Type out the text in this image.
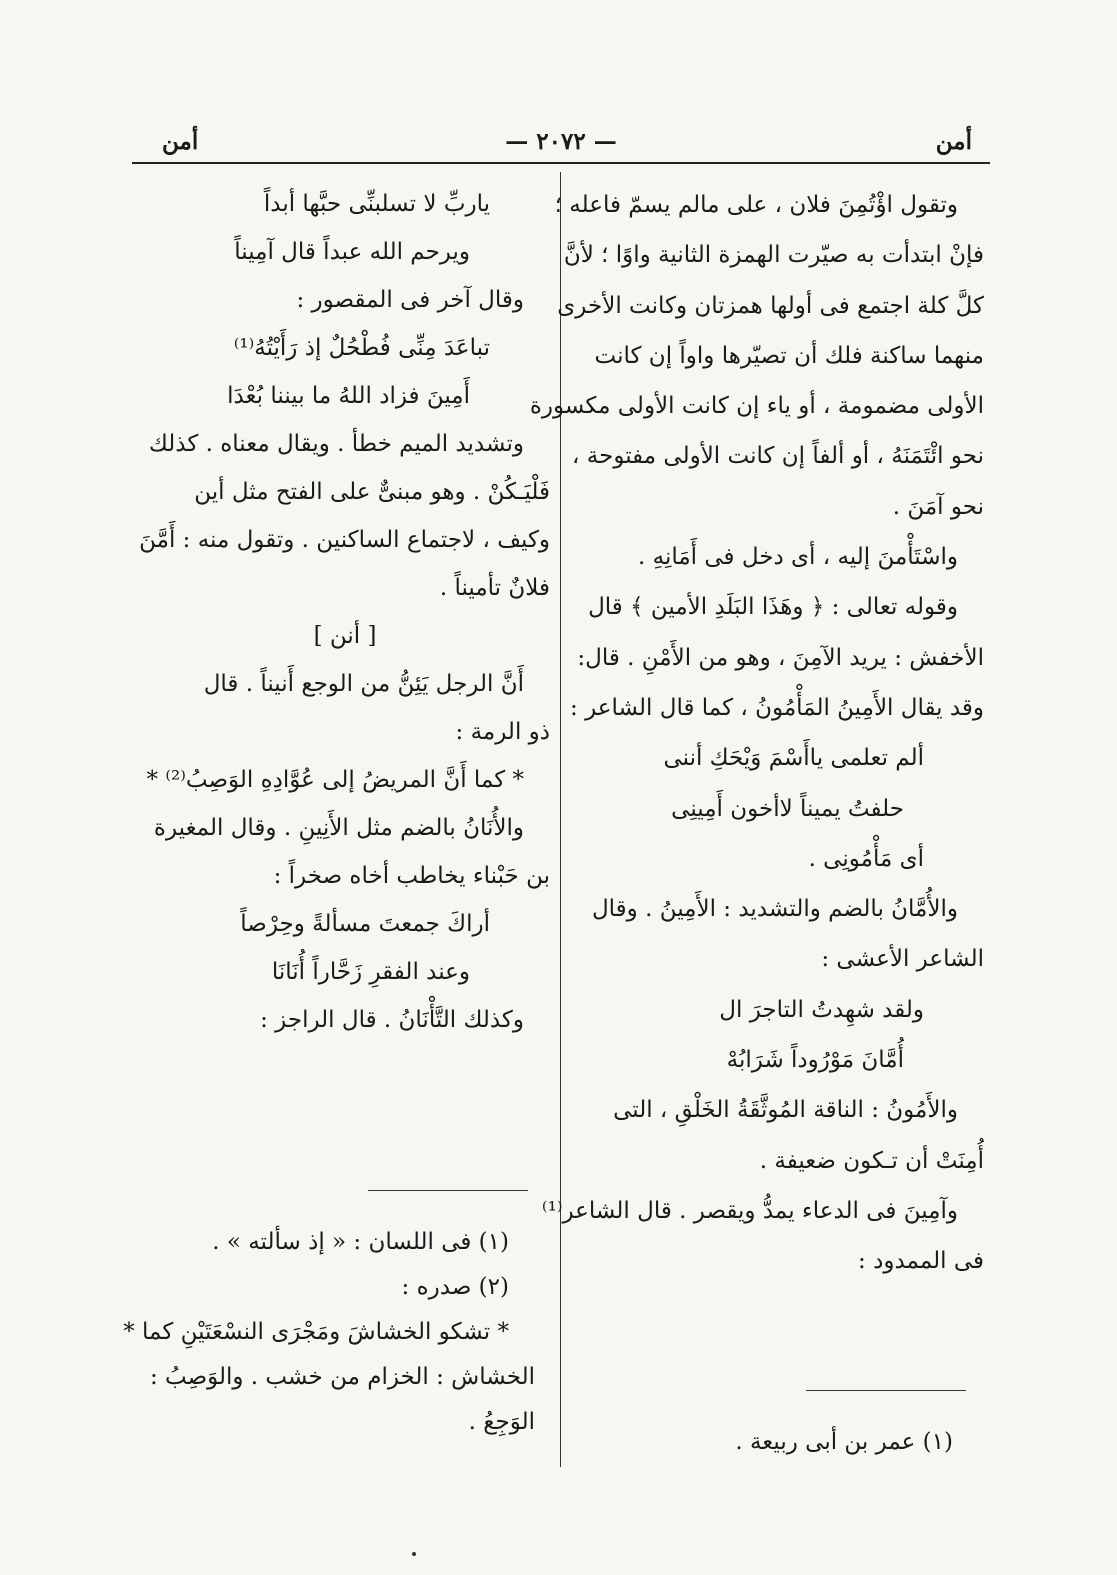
أمن
— ٢٠٧٢ —
أمن
وتقول اؤْتُمِنَ فلان ، على مالم يسمّ فاعله ؛
فإنْ ابتدأت به صيّرت الهمزة الثانية واوًا ؛ لأنَّ
كلَّ كلة اجتمع فى أولها همزتان وكانت الأخرى
منهما ساكنة فلك أن تصيّرها واواً إن كانت
الأولى مضمومة ، أو ياء إن كانت الأولى مكسورة
نحو ائْتَمَنَهُ ، أو ألفاً إن كانت الأولى مفتوحة ،
نحو آمَنَ .
واسْتَأْمنَ إليه ، أى دخل فى أَمَانِهِ .
وقوله تعالى : ﴿ وهَذَا البَلَدِ الأمين ﴾ قال
الأخفش : يريد الآمِنَ ، وهو من الأَمْنِ . قال:
وقد يقال الأَمِينُ المَأْمُونُ ، كما قال الشاعر :
ألم تعلمى ياأَسْمَ وَيْحَكِ أننى
حلفتُ يميناً لاأخون أَمِينِى
أى مَأْمُونِى .
والأُمَّانُ بالضم والتشديد : الأَمِينُ . وقال
الشاعر الأعشى :
ولقد شهِدتُ التاجرَ ال
أُمَّانَ مَوْرُوداً شَرَابُهْ
والأَمُونُ : الناقة المُوثَّقَةُ الخَلْقِ ، التى
أُمِنَتْ أن تـكون ضعيفة .
وآمِينَ فى الدعاء يمدُّ ويقصر . قال الشاعر⁽¹⁾
فى الممدود :
(١) عمر بن أبى ربيعة .
ياربِّ لا تسلبنِّى حبَّها أبداً
ويرحم الله عبداً قال آمِيناً
وقال آخر فى المقصور :
تباعَدَ مِنِّى فُطْحُلٌ إذ رَأَيْتُهُ⁽¹⁾
أَمِينَ فزاد اللهُ ما بيننا بُعْدَا
وتشديد الميم خطأ . ويقال معناه . كذلك
فَلْيَـكُنْ . وهو مبنىٌّ على الفتح مثل أين
وكيف ، لاجتماع الساكنين . وتقول منه : أَمَّنَ
فلانٌ تأميناً .
[ أنن ]
أَنَّ الرجل يَئِنُّ من الوجع أَنيناً . قال
ذو الرمة :
* كما أَنَّ المريضُ إلى عُوَّادِهِ الوَصِبُ⁽²⁾ *
والأُنَانُ بالضم مثل الأَنِينِ . وقال المغيرة
بن حَبْناء يخاطب أخاه صخراً :
أراكَ جمعتَ مسألةً وحِرْصاً
وعند الفقرِ زَحَّاراً أُنَانَا
وكذلك التَّأْنَانُ . قال الراجز :
(١) فى اللسان : « إذ سألته » .
(٢) صدره :
* تشكو الخشاشَ ومَجْرَى النسْعَتَيْنِ كما *
الخشاش : الخزام من خشب . والوَصِبُ :
الوَجِعُ .
